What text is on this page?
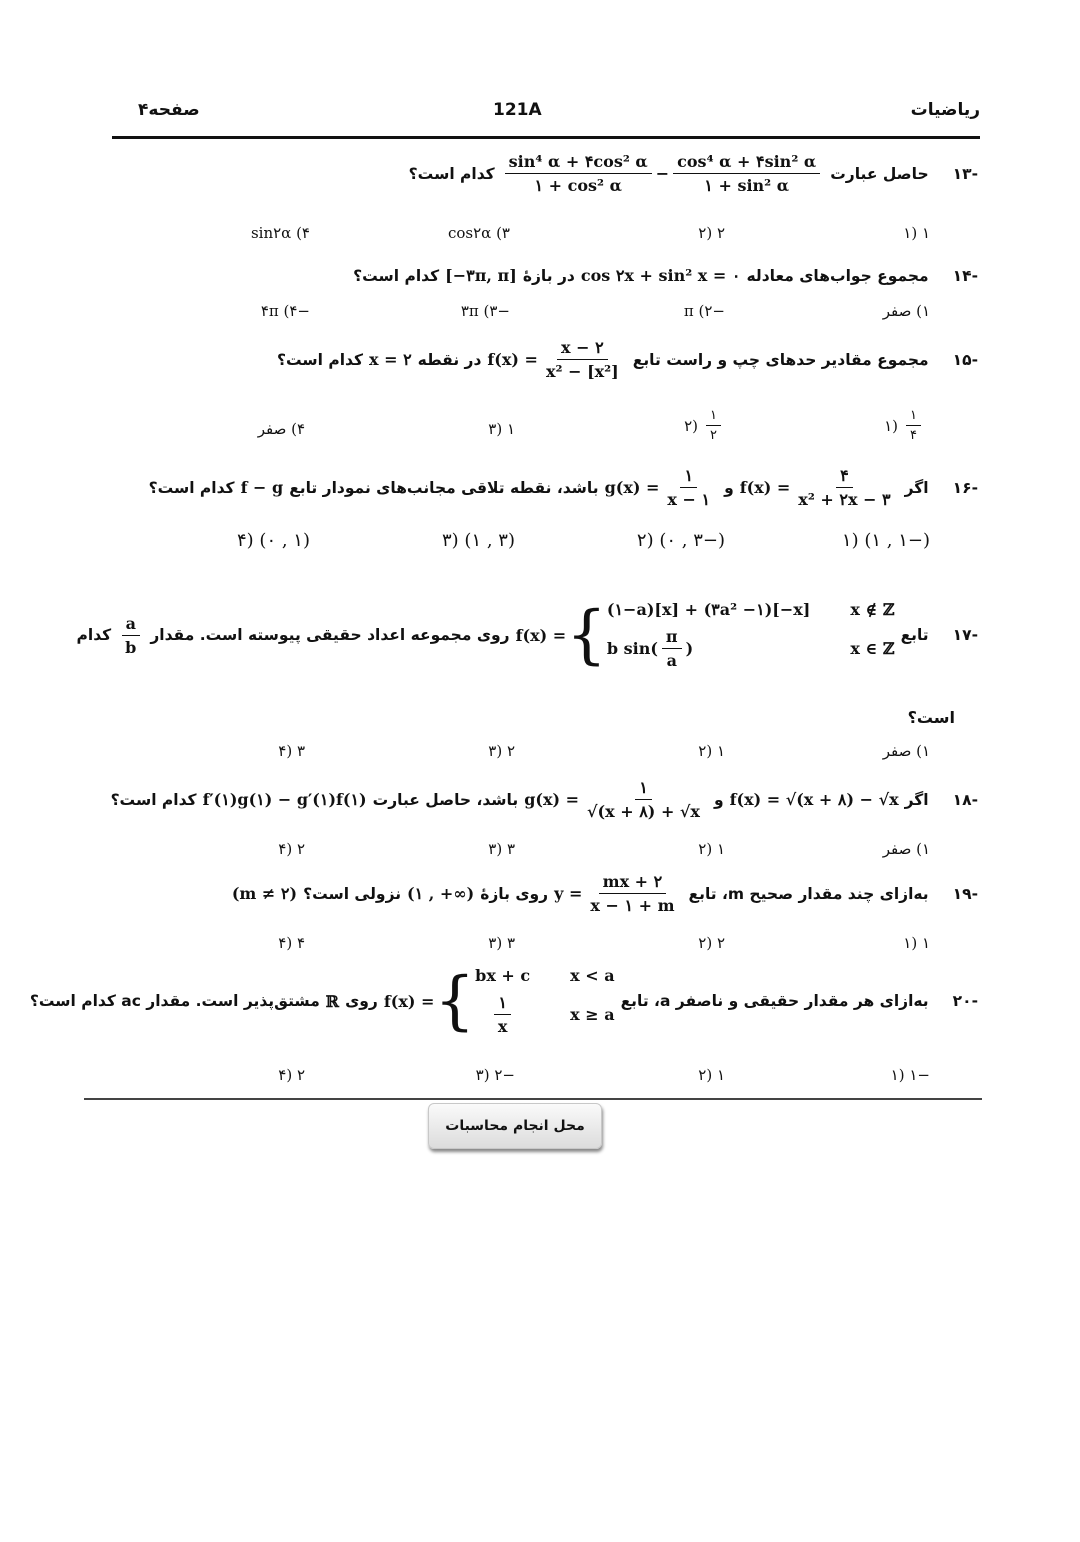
ریاضیات
121A
صفحه۴
-۱۳
حاصل عبارت
$\frac{\text{sin⁴ α + ۴cos² α}}{\text{۱ + cos² α}} - \frac{\text{cos⁴ α + ۴sin² α}}{\text{۱ + sin² α}}$
کدام است؟
۱ (۱
۲ (۲
cos۲α (۳
sin۲α (۴
-۱۴
مجموع جواب‌های معادله
cos ۲x + sin² x = ۰
در بازهٔ
[−۳π, π]
کدام است؟
۱) صفر
−π (۲
−۳π (۳
−۴π (۴
-۱۵
مجموع مقادیر حدهای چپ و راست تابع
$f(x) = \frac{x - ۲}{\text{x² − [x²]}}$
در نقطه
x = ۲
کدام است؟
$\frac{۱}{۴}$
(۱
$\frac{۱}{۲}$
(۲
۱ (۳
۴) صفر
-۱۶
اگر
$f(x) = \frac{۴}{\text{x² + ۲x − ۳}}$
و
$g(x) = \frac{۱}{x - ۱}$
باشد، نقطه تلاقی مجانب‌های نمودار تابع
f − g
کدام است؟
(−۱ , ۱) (۱
(−۳ , ۰) (۲
(۳ , ۱) (۳
(۱ , ۰) (۴
-۱۷
تابع
f(x) = { (۱−a)[x] + (۳a² −۱)[−x]	x ∉ ℤ
b $\sin( \frac{\pi}{a}$ )	x ∈ ℤ
روی مجموعه اعداد حقیقی پیوسته است. مقدار
$\frac{a}{b}$
کدام
است؟
۱) صفر
۱ (۲
۲ (۳
۳ (۴
-۱۸
اگر
f(x) = √(x + ۸) − √x
و
$g(x) = \frac{۱}{√(x + ۸) + √x}$
باشد، حاصل عبارت
f′(۱)g(۱) − g′(۱)f(۱)
کدام است؟
۱) صفر
۱ (۲
۳ (۳
۲ (۴
-۱۹
به‌ازای چند مقدار صحیح m، تابع
$y = \frac{mx + ۲}{x - ۱ + m}$
روی بازهٔ
(۱ , +∞)
نزولی است؟
(m ≠ ۲)
۱ (۱
۲ (۲
۳ (۳
۴ (۴
-۲۰
به‌ازای هر مقدار حقیقی و ناصفر a، تابع
f(x) = { bx + c	x < a
$\frac{۱}{x}$	x ≥ a
روی
ℝ
مشتق‌پذیر است. مقدار ac کدام است؟
−۱ (۱
۱ (۲
−۲ (۳
۲ (۴
محل انجام محاسبات
